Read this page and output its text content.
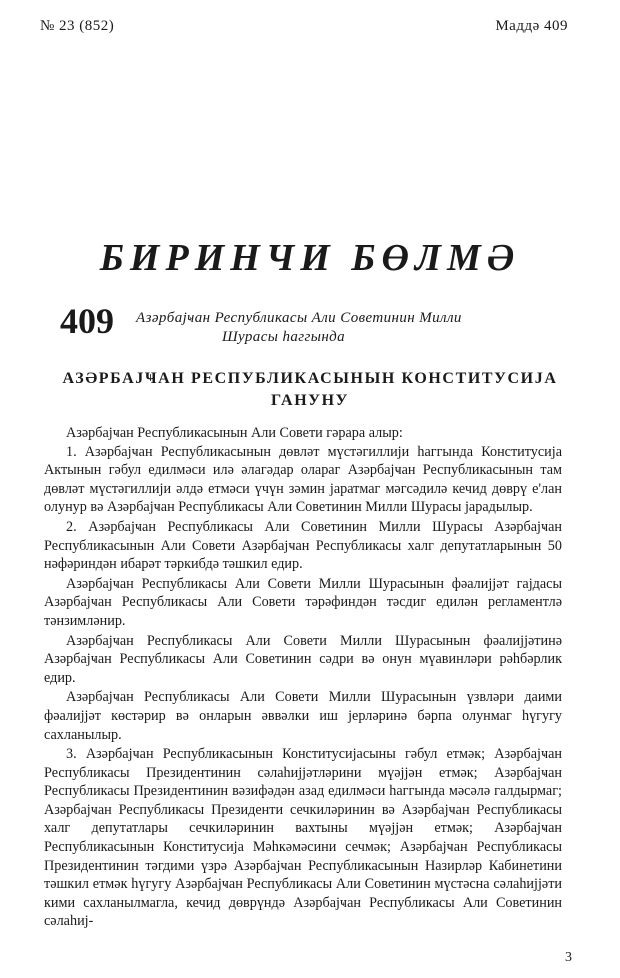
№ 23 (852)	Маддә 409
БИРИНЧИ БӨЛМӘ
409 Азәрбајҹан Республикасы Али Советинин Милли
Шурасы һаггында
АЗӘРБАЈҸАН РЕСПУБЛИКАСЫНЫН КОНСТИТУСИЈА
ГАНУНУ

Азәрбајҹан Республикасынын Али Совети гәрара алыр:

1. Азәрбајҹан Республикасынын дөвләт мүстәгиллији һаггында Конститусија Актынын гәбул едилмәси илә әлагәдар олараг Азәрбајҹан Республикасынын там дөвләт мүстәгиллији әлдә етмәси үчүн зәмин јаратмаг мәгсәдилә кечид дөврү е'лан олунур вә Азәрбајҹан Республикасы Али Советинин Милли Шурасы јарадылыр.

2. Азәрбајҹан Республикасы Али Советинин Милли Шурасы Азәрбајҹан Республикасынын Али Совети Азәрбајҹан Республикасы халг депутатларынын 50 нәфәриндән ибарәт тәркибдә тәшкил едир.

Азәрбајҹан Республикасы Али Совети Милли Шурасынын фәалијјәт гајдасы Азәрбајҹан Республикасы Али Совети тәрәфиндән тәсдиг едилән регламентлә тәнзимләнир.

Азәрбајҹан Республикасы Али Совети Милли Шурасынын фәалијјәтинә Азәрбајҹан Республикасы Али Советинин сәдри вә онун мүавинләри рәһбәрлик едир.

Азәрбајҹан Республикасы Али Совети Милли Шурасынын үзвләри даими фәалијјәт көстәрир вә онларын әввәлки иш јерләринә бәрпа олунмаг һүгугу сахланылыр.

3. Азәрбајҹан Республикасынын Конститусијасыны гәбул етмәк; Азәрбајҹан Республикасы Президентинин сәлаһијјәтләрини мүәјјән етмәк; Азәрбајҹан Республикасы Президентинин вәзифәдән азад едилмәси һаггында мәсәлә галдырмаг; Азәрбајҹан Республикасы Президенти сечкиләринин вә Азәрбајҹан Республикасы халг депутатлары сечкиләринин вахтыны мүәјјән етмәк; Азәрбајҹан Республикасынын Конститусија Мәһкәмәсини сечмәк; Азәрбајҹан Республикасы Президентинин тәгдими үзрә Азәрбајҹан Республикасынын Назирләр Кабинетини тәшкил етмәк һүгугу Азәрбајҹан Республикасы Али Советинин мүстәсна сәлаһијјәти кими сахланылмагла, кечид дөврүндә Азәрбајҹан Республикасы Али Советинин сәлаһиј-

3
